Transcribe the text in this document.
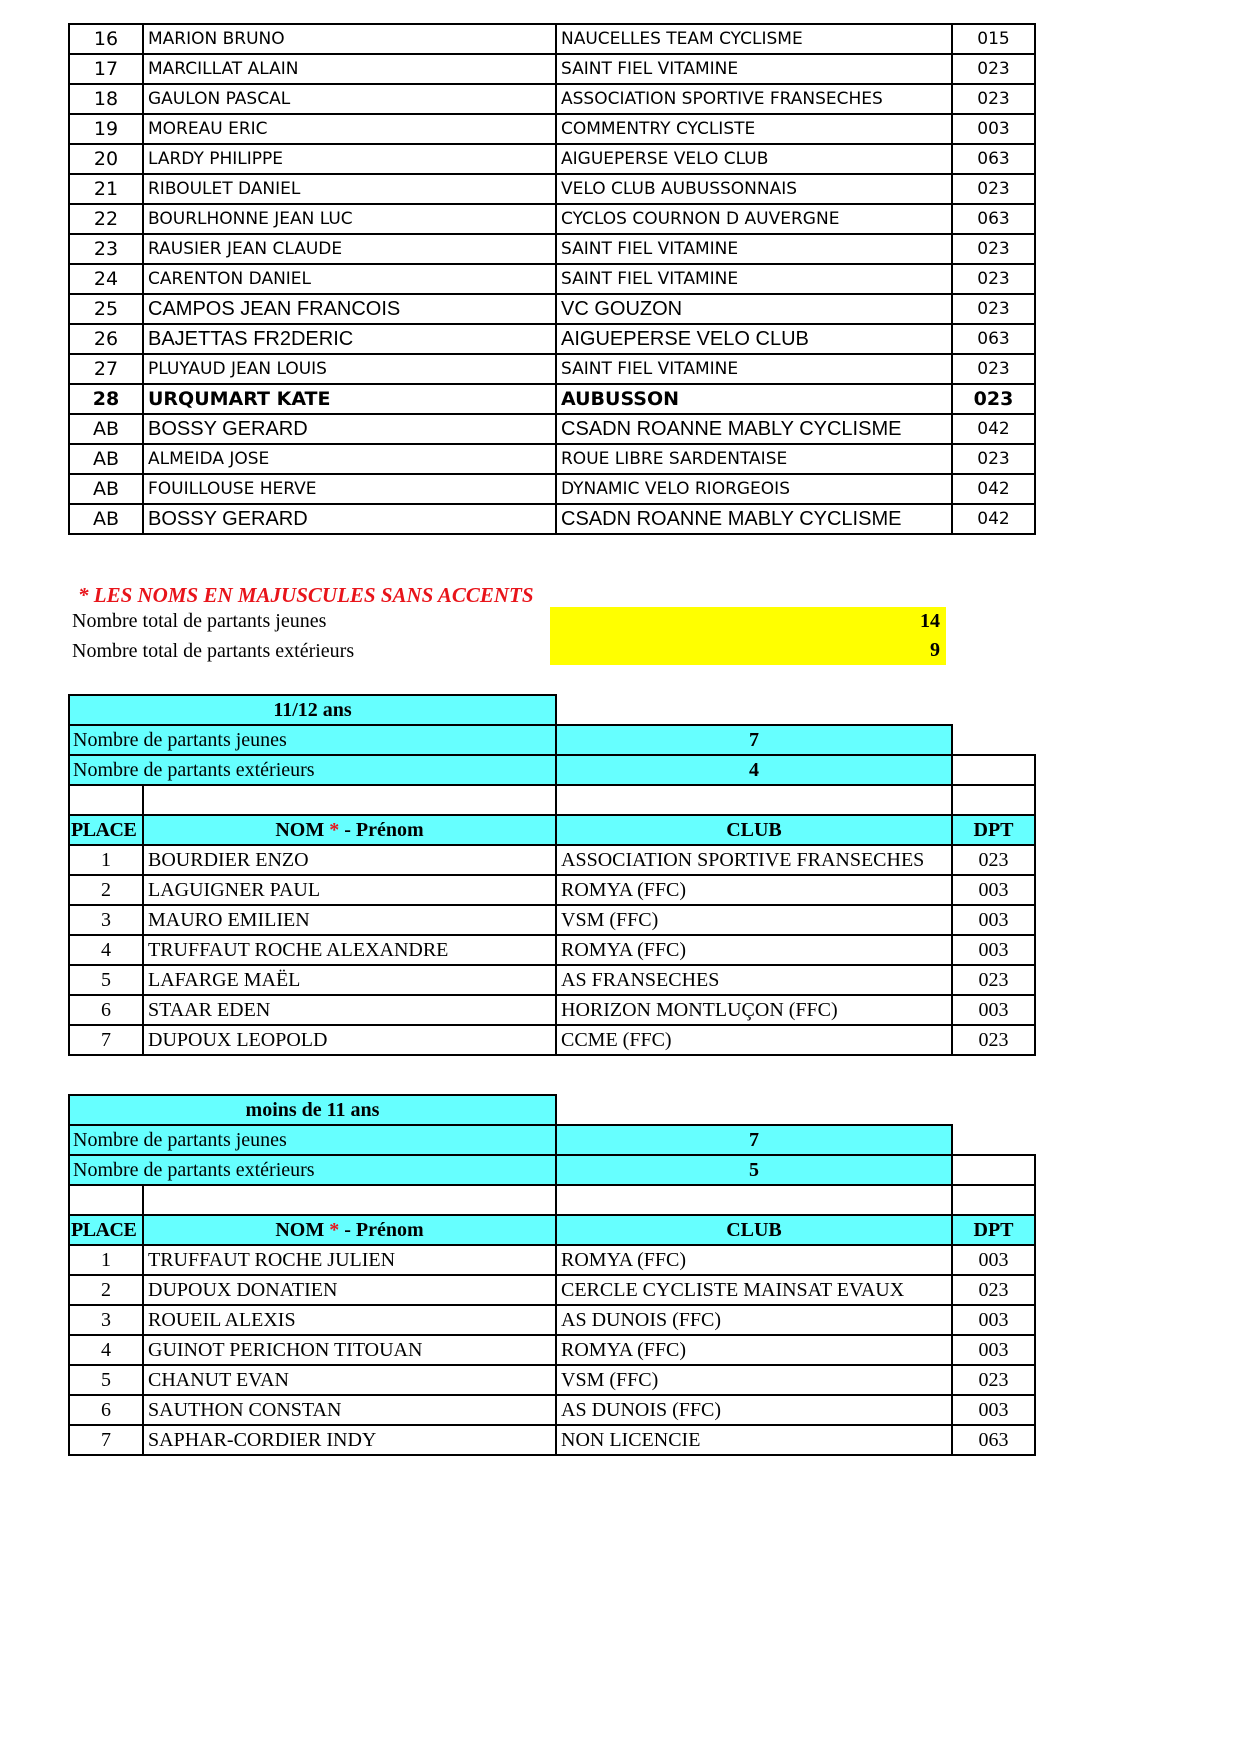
16	MARION BRUNO	NAUCELLES TEAM CYCLISME	015
17	MARCILLAT ALAIN	SAINT FIEL VITAMINE	023
18	GAULON PASCAL	ASSOCIATION SPORTIVE FRANSECHES	023
19	MOREAU ERIC	COMMENTRY CYCLISTE	003
20	LARDY PHILIPPE	AIGUEPERSE VELO CLUB	063
21	RIBOULET DANIEL	VELO CLUB AUBUSSONNAIS	023
22	BOURLHONNE JEAN LUC	CYCLOS COURNON D AUVERGNE	063
23	RAUSIER JEAN CLAUDE	SAINT FIEL VITAMINE	023
24	CARENTON DANIEL	SAINT FIEL VITAMINE	023
25	CAMPOS JEAN FRANCOIS	VC GOUZON	023
26	BAJETTAS FR2DERIC	AIGUEPERSE VELO CLUB	063
27	PLUYAUD JEAN LOUIS	SAINT FIEL VITAMINE	023
28	URQUMART KATE	AUBUSSON	023
AB	BOSSY GERARD	CSADN ROANNE MABLY CYCLISME	042
AB	ALMEIDA JOSE	ROUE LIBRE SARDENTAISE	023
AB	FOUILLOUSE HERVE	DYNAMIC VELO RIORGEOIS	042
AB	BOSSY GERARD	CSADN ROANNE MABLY CYCLISME	042
* LES NOMS EN MAJUSCULES SANS ACCENTS
Nombre total de partants jeunes	14
Nombre total de partants extérieurs	9
11/12 ans			
Nombre de partants jeunes		7	
Nombre de partants extérieurs		4	

PLACE	NOM * - Prénom	CLUB	DPT
1	BOURDIER ENZO	ASSOCIATION SPORTIVE FRANSECHES	023
2	LAGUIGNER PAUL	ROMYA (FFC)	003
3	MAURO EMILIEN	VSM (FFC)	003
4	TRUFFAUT ROCHE ALEXANDRE	ROMYA (FFC)	003
5	LAFARGE MAËL	AS FRANSECHES	023
6	STAAR EDEN	HORIZON MONTLUÇON (FFC)	003
7	DUPOUX LEOPOLD	CCME (FFC)	023
moins de 11 ans			
Nombre de partants jeunes		7	
Nombre de partants extérieurs		5	

PLACE	NOM * - Prénom	CLUB	DPT
1	TRUFFAUT ROCHE JULIEN	ROMYA (FFC)	003
2	DUPOUX DONATIEN	CERCLE CYCLISTE MAINSAT EVAUX	023
3	ROUEIL ALEXIS	AS DUNOIS (FFC)	003
4	GUINOT PERICHON TITOUAN	ROMYA (FFC)	003
5	CHANUT EVAN	VSM (FFC)	023
6	SAUTHON CONSTAN	AS DUNOIS (FFC)	003
7	SAPHAR-CORDIER INDY	NON LICENCIE	063
